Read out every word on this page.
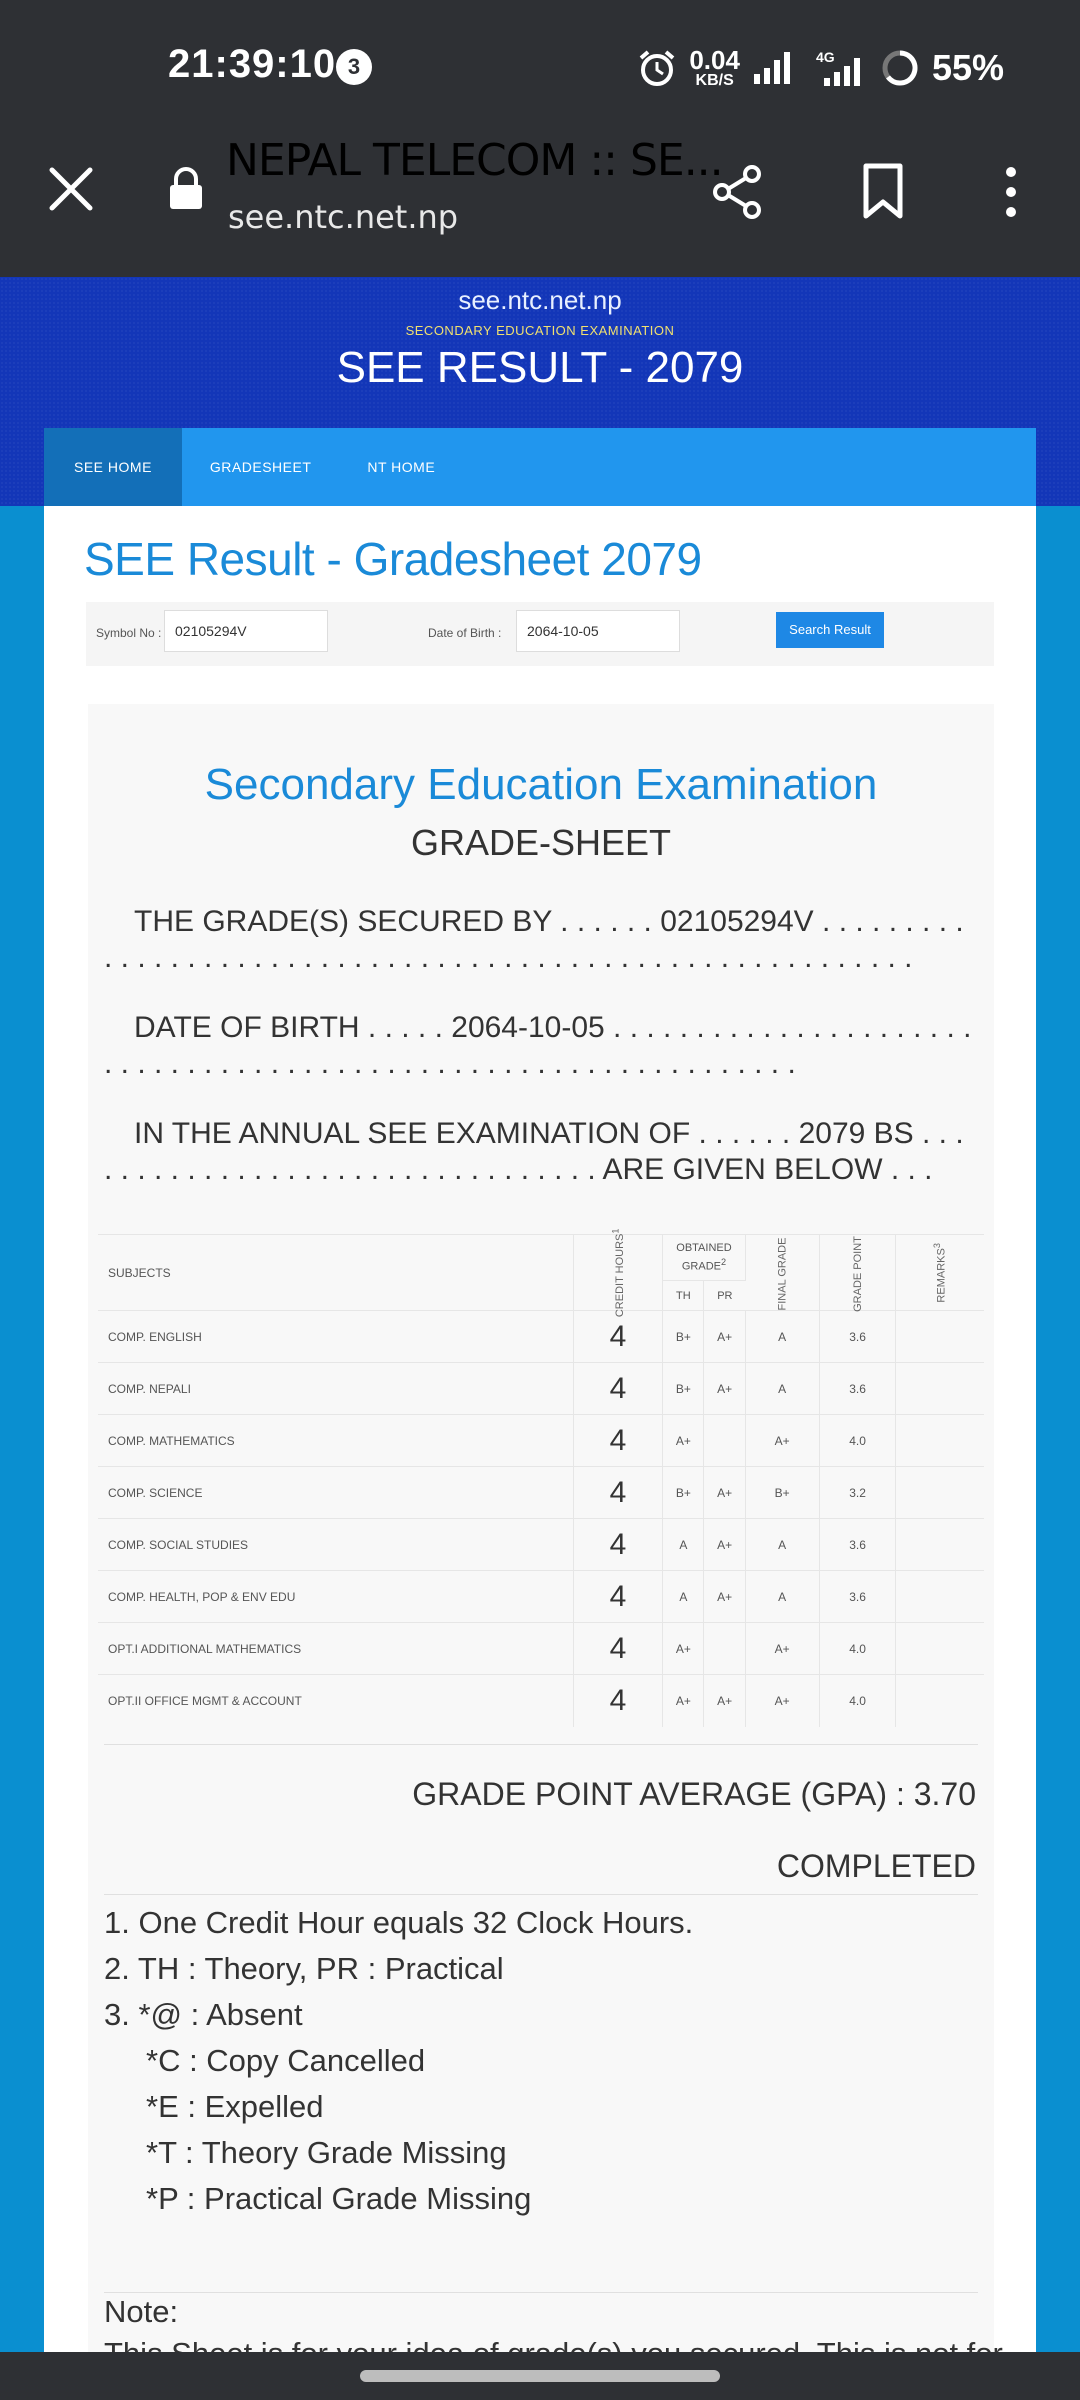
21:39:10 3	0.04
KB/S
4G	55%
NEPAL TELECOM :: SE...
see.ntc.net.np
see.ntc.net.np
SECONDARY EDUCATION EXAMINATION
SEE RESULT - 2079
SEE HOME	GRADESHEET	NT HOME
SEE Result - Gradesheet 2079
Symbol No : 02105294V	Date of Birth :	2064-10-05	Search Result
Secondary Education Examination
GRADE-SHEET
THE GRADE(S) SECURED BY . . . . . . 02105294V . . . . . . . . . . . . . . . . . . . . . . . . . . . . . . . . . . . . . . . . . . . . . . . . . . . . . . . . . .
DATE OF BIRTH . . . . . 2064-10-05 . . . . . . . . . . . . . . . . . . . . . . . . . . . . . . . . . . . . . . . . . . . . . . . . . . . . . . . . . . . . . . . .
IN THE ANNUAL SEE EXAMINATION OF . . . . . . 2079 BS . . . . . . . . . . . . . . . . . . . . . . . . . . . . . . . . . ARE GIVEN BELOW . . .
SUBJECTS	CREDIT HOURS$^1$	OBTAINED GRADE$^2$		FINAL GRADE	GRADE POINT	REMARKS$^3$
		TH	PR			
COMP. ENGLISH	4	B+	A+	A	3.6	
COMP. NEPALI	4	B+	A+	A	3.6	
COMP. MATHEMATICS	4	A+		A+	4.0	
COMP. SCIENCE	4	B+	A+	B+	3.2	
COMP. SOCIAL STUDIES	4	A	A+	A	3.6	
COMP. HEALTH, POP & ENV EDU	4	A	A+	A	3.6	
OPT.I ADDITIONAL MATHEMATICS	4	A+		A+	4.0	
OPT.II OFFICE MGMT & ACCOUNT	4	A+	A+	A+	4.0	
GRADE POINT AVERAGE (GPA) : 3.70
COMPLETED
1. One Credit Hour equals 32 Clock Hours.
2. TH : Theory, PR : Practical
3. *@ : Absent
*C : Copy Cancelled
*E : Expelled
*T : Theory Grade Missing
*P : Practical Grade Missing
Note:
